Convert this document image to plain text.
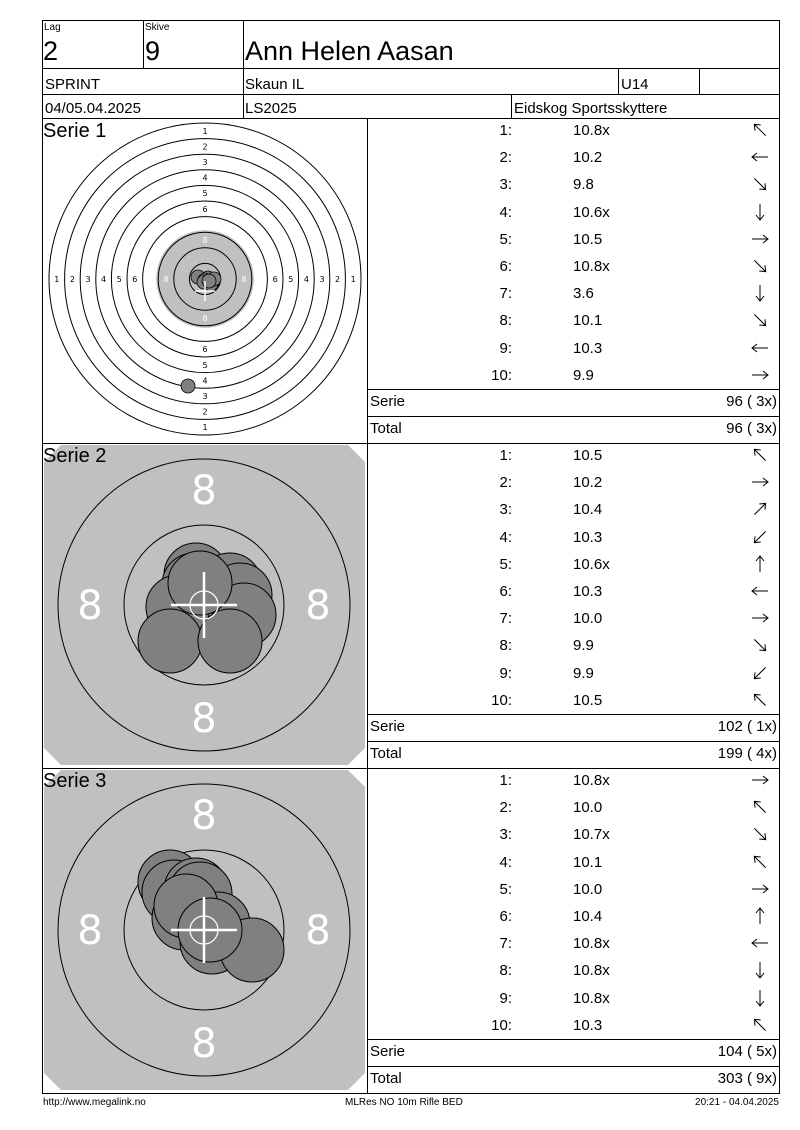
Lag
2
Skive
9	Ann Helen Aasan
SPRINT	Skaun IL	U14
04/05.04.2025	LS2025	Eidskog Sportsskyttere
1
1
1	1
2
2
2	2
3
3
3	3
4
4
4	4
5
5
5	5
6
6
6	6
7
7
7	7
8
8
8	8
8
8
8	8
8
8
8	8
Serie 1
Serie 2
Serie 3
1:	10.8x
2:	10.2
3:	9.8
4:	10.6x
5:	10.5
6:	10.8x
7:	3.6
8:	10.1
9:	10.3
10:	9.9
1:	10.5
2:	10.2
3:	10.4
4:	10.3
5:	10.6x
6:	10.3
7:	10.0
8:	9.9
9:	9.9
10:	10.5
1:	10.8x
2:	10.0
3:	10.7x
4:	10.1
5:	10.0
6:	10.4
7:	10.8x
8:	10.8x
9:	10.8x
10:	10.3
Serie	96 ( 3x)
Total	96 ( 3x)
Serie	102 ( 1x)
Total	199 ( 4x)
Serie	104 ( 5x)
Total	303 ( 9x)
http://www.megalink.no	MLRes NO 10m Rifle BED	20:21 - 04.04.2025
